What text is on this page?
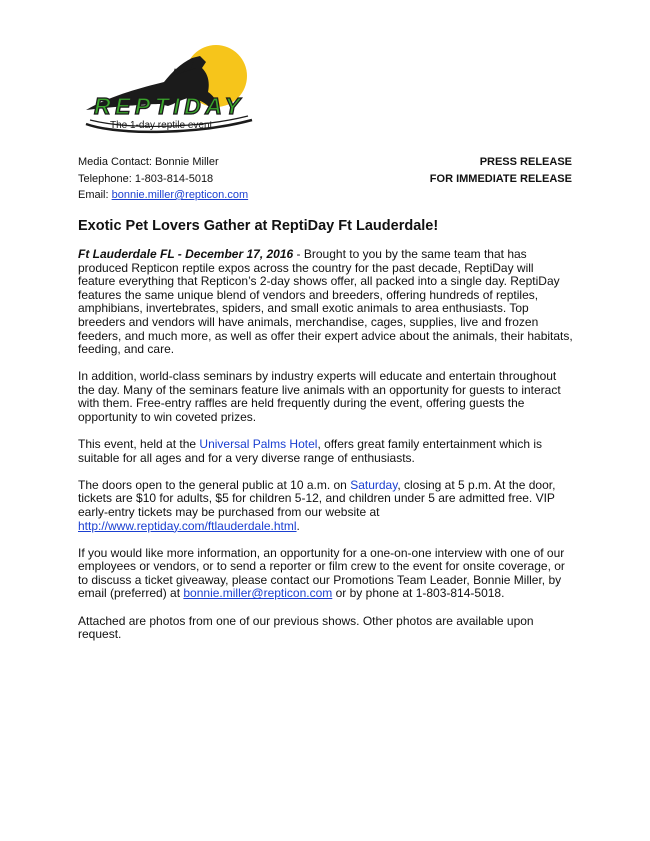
REPTIDAY
The 1-day reptile event
Media Contact: Bonnie Miller
Telephone: 1-803-814-5018
Email: bonnie.miller@repticon.com
PRESS RELEASE
FOR IMMEDIATE RELEASE
Exotic Pet Lovers Gather at ReptiDay Ft Lauderdale!

Ft Lauderdale FL - December 17, 2016 - Brought to you by the same team that has produced Repticon reptile expos across the country for the past decade, ReptiDay will feature everything that Repticon’s 2-day shows offer, all packed into a single day. ReptiDay features the same unique blend of vendors and breeders, offering hundreds of reptiles, amphibians, invertebrates, spiders, and small exotic animals to area enthusiasts. Top breeders and vendors will have animals, merchandise, cages, supplies, live and frozen feeders, and much more, as well as offer their expert advice about the animals, their habitats, feeding, and care.

In addition, world-class seminars by industry experts will educate and entertain throughout the day. Many of the seminars feature live animals with an opportunity for guests to interact with them. Free-entry raffles are held frequently during the event, offering guests the opportunity to win coveted prizes.

This event, held at the Universal Palms Hotel, offers great family entertainment which is suitable for all ages and for a very diverse range of enthusiasts.

The doors open to the general public at 10 a.m. on Saturday, closing at 5 p.m. At the door, tickets are $10 for adults, $5 for children 5-12, and children under 5 are admitted free. VIP early-entry tickets may be purchased from our website at http://www.reptiday.com/ftlauderdale.html.

If you would like more information, an opportunity for a one-on-one interview with one of our employees or vendors, or to send a reporter or film crew to the event for onsite coverage, or to discuss a ticket giveaway, please contact our Promotions Team Leader, Bonnie Miller, by email (preferred) at bonnie.miller@repticon.com or by phone at 1-803-814-5018.

Attached are photos from one of our previous shows. Other photos are available upon request.
